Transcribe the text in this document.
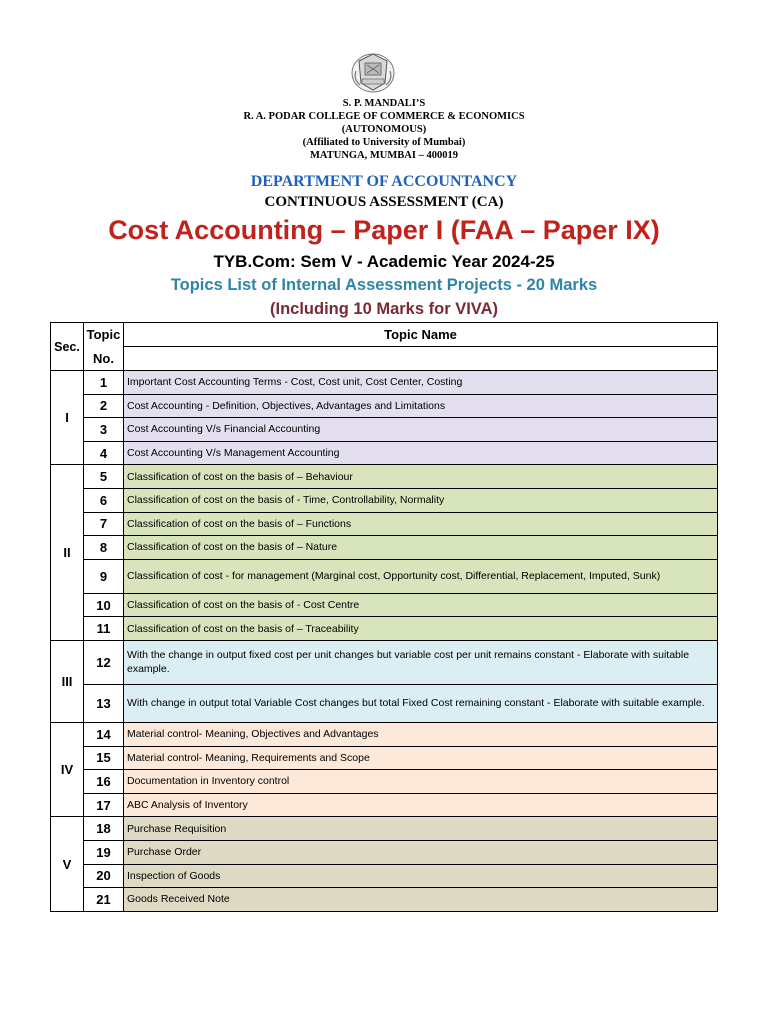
S. P. MANDALI’S
R. A. PODAR COLLEGE OF COMMERCE & ECONOMICS
(AUTONOMOUS)
(Affiliated to University of Mumbai)
MATUNGA, MUMBAI – 400019
DEPARTMENT OF ACCOUNTANCY
CONTINUOUS ASSESSMENT (CA)
Cost Accounting – Paper I (FAA – Paper IX)
TYB.Com: Sem V - Academic Year 2024-25
Topics List of Internal Assessment Projects - 20 Marks
(Including 10 Marks for VIVA)
Sec.	Topic	Topic Name
	No.	
I	1	Important Cost Accounting Terms - Cost, Cost unit, Cost Center, Costing
	2	Cost Accounting - Definition, Objectives, Advantages and Limitations
	3	Cost Accounting V/s Financial Accounting
	4	Cost Accounting V/s Management Accounting
II	5	Classification of cost on the basis of – Behaviour
	6	Classification of cost on the basis of - Time, Controllability, Normality
	7	Classification of cost on the basis of – Functions
	8	Classification of cost on the basis of – Nature
	9	Classification of cost - for management (Marginal cost, Opportunity cost, Differential, Replacement, Imputed, Sunk)
	10	Classification of cost on the basis of - Cost Centre
	11	Classification of cost on the basis of – Traceability
III	12	With the change in output fixed cost per unit changes but variable cost per unit remains constant - Elaborate with suitable example.
	13	With change in output total Variable Cost changes but total Fixed Cost remaining constant - Elaborate with suitable example.
IV	14	Material control- Meaning, Objectives and Advantages
	15	Material control- Meaning, Requirements and Scope
	16	Documentation in Inventory control
	17	ABC Analysis of Inventory
V	18	Purchase Requisition
	19	Purchase Order
	20	Inspection of Goods
	21	Goods Received Note
